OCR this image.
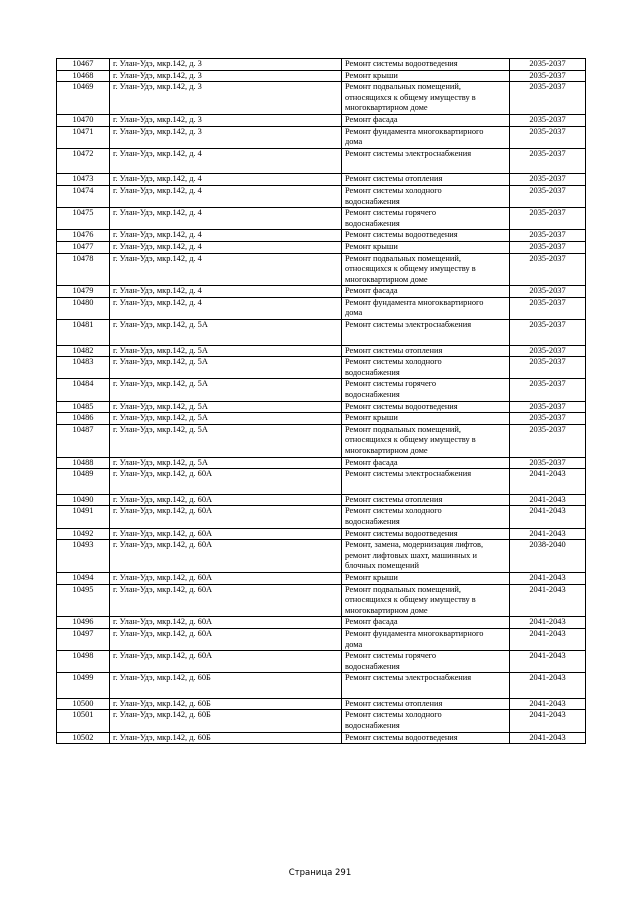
10467	г. Улан-Удэ, мкр.142, д. 3	Ремонт системы водоотведения	2035-2037
10468	г. Улан-Удэ, мкр.142, д. 3	Ремонт крыши	2035-2037
10469	г. Улан-Удэ, мкр.142, д. 3	Ремонт подвальных помещений,
относящихся к общему имуществу в
многоквартирном доме	2035-2037
10470	г. Улан-Удэ, мкр.142, д. 3	Ремонт фасада	2035-2037
10471	г. Улан-Удэ, мкр.142, д. 3	Ремонт фундамента многоквартирного
дома	2035-2037
10472	г. Улан-Удэ, мкр.142, д. 4	Ремонт системы электроснабжения	2035-2037
10473	г. Улан-Удэ, мкр.142, д. 4	Ремонт системы отопления	2035-2037
10474	г. Улан-Удэ, мкр.142, д. 4	Ремонт системы холодного
водоснабжения	2035-2037
10475	г. Улан-Удэ, мкр.142, д. 4	Ремонт системы горячего
водоснабжения	2035-2037
10476	г. Улан-Удэ, мкр.142, д. 4	Ремонт системы водоотведения	2035-2037
10477	г. Улан-Удэ, мкр.142, д. 4	Ремонт крыши	2035-2037
10478	г. Улан-Удэ, мкр.142, д. 4	Ремонт подвальных помещений,
относящихся к общему имуществу в
многоквартирном доме	2035-2037
10479	г. Улан-Удэ, мкр.142, д. 4	Ремонт фасада	2035-2037
10480	г. Улан-Удэ, мкр.142, д. 4	Ремонт фундамента многоквартирного
дома	2035-2037
10481	г. Улан-Удэ, мкр.142, д. 5А	Ремонт системы электроснабжения	2035-2037
10482	г. Улан-Удэ, мкр.142, д. 5А	Ремонт системы отопления	2035-2037
10483	г. Улан-Удэ, мкр.142, д. 5А	Ремонт системы холодного
водоснабжения	2035-2037
10484	г. Улан-Удэ, мкр.142, д. 5А	Ремонт системы горячего
водоснабжения	2035-2037
10485	г. Улан-Удэ, мкр.142, д. 5А	Ремонт системы водоотведения	2035-2037
10486	г. Улан-Удэ, мкр.142, д. 5А	Ремонт крыши	2035-2037
10487	г. Улан-Удэ, мкр.142, д. 5А	Ремонт подвальных помещений,
относящихся к общему имуществу в
многоквартирном доме	2035-2037
10488	г. Улан-Удэ, мкр.142, д. 5А	Ремонт фасада	2035-2037
10489	г. Улан-Удэ, мкр.142, д. 60А	Ремонт системы электроснабжения	2041-2043
10490	г. Улан-Удэ, мкр.142, д. 60А	Ремонт системы отопления	2041-2043
10491	г. Улан-Удэ, мкр.142, д. 60А	Ремонт системы холодного
водоснабжения	2041-2043
10492	г. Улан-Удэ, мкр.142, д. 60А	Ремонт системы водоотведения	2041-2043
10493	г. Улан-Удэ, мкр.142, д. 60А	Ремонт, замена, модернизация лифтов,
ремонт лифтовых шахт, машинных и
блочных помещений	2038-2040
10494	г. Улан-Удэ, мкр.142, д. 60А	Ремонт крыши	2041-2043
10495	г. Улан-Удэ, мкр.142, д. 60А	Ремонт подвальных помещений,
относящихся к общему имуществу в
многоквартирном доме	2041-2043
10496	г. Улан-Удэ, мкр.142, д. 60А	Ремонт фасада	2041-2043
10497	г. Улан-Удэ, мкр.142, д. 60А	Ремонт фундамента многоквартирного
дома	2041-2043
10498	г. Улан-Удэ, мкр.142, д. 60А	Ремонт системы горячего
водоснабжения	2041-2043
10499	г. Улан-Удэ, мкр.142, д. 60Б	Ремонт системы электроснабжения	2041-2043
10500	г. Улан-Удэ, мкр.142, д. 60Б	Ремонт системы отопления	2041-2043
10501	г. Улан-Удэ, мкр.142, д. 60Б	Ремонт системы холодного
водоснабжения	2041-2043
10502	г. Улан-Удэ, мкр.142, д. 60Б	Ремонт системы водоотведения	2041-2043
Страница 291
